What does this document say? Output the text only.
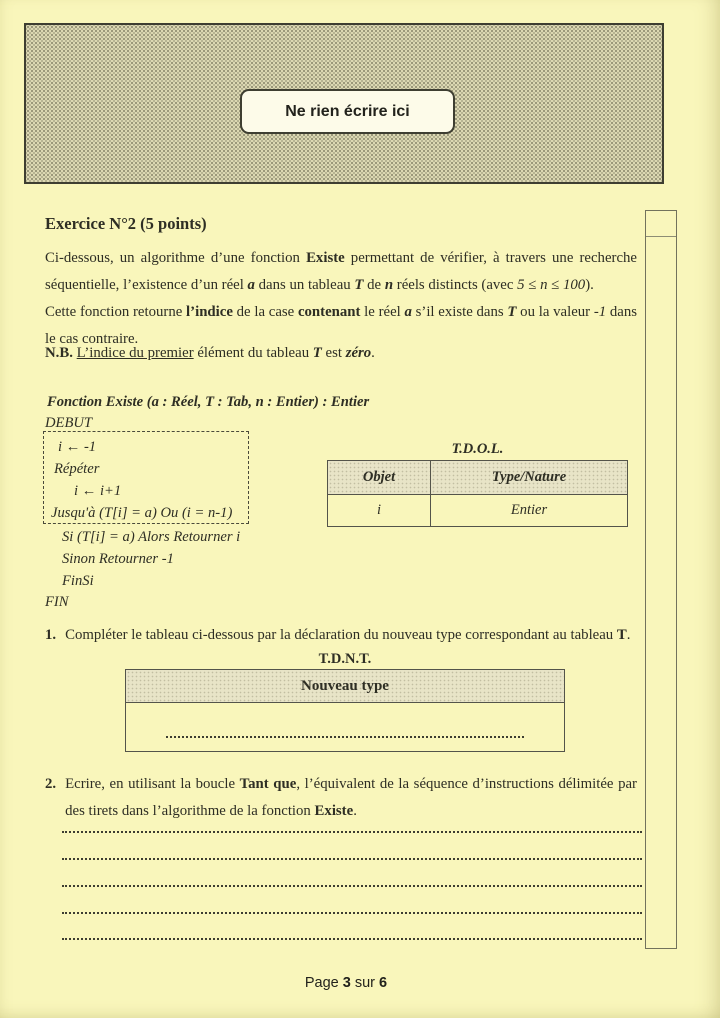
Ne rien écrire ici
Exercice N°2 (5 points)
Ci-dessous, un algorithme d’une fonction Existe permettant de vérifier, à travers une recherche séquentielle, l’existence d’un réel a dans un tableau T de n réels distincts (avec 5 ≤ n ≤ 100).
Cette fonction retourne l’indice de la case contenant le réel a s’il existe dans T ou la valeur -1 dans le cas contraire.
N.B. L’indice du premier élément du tableau T est zéro.
Fonction Existe (a : Réel, T : Tab, n : Entier) : Entier
DEBUT
i ← -1
Répéter
i ← i+1
Jusqu'à (T[i] = a) Ou (i = n-1)
Si (T[i] = a) Alors Retourner i
Sinon Retourner -1
FinSi
FIN
T.D.O.L.
Objet	Type/Nature
i	Entier
1. Compléter le tableau ci-dessous par la déclaration du nouveau type correspondant au tableau T.
T.D.N.T.
Nouveau type

2. Ecrire, en utilisant la boucle Tant que, l’équivalent de la séquence d’instructions délimitée par des tirets dans l’algorithme de la fonction Existe.
Page 3 sur 6
